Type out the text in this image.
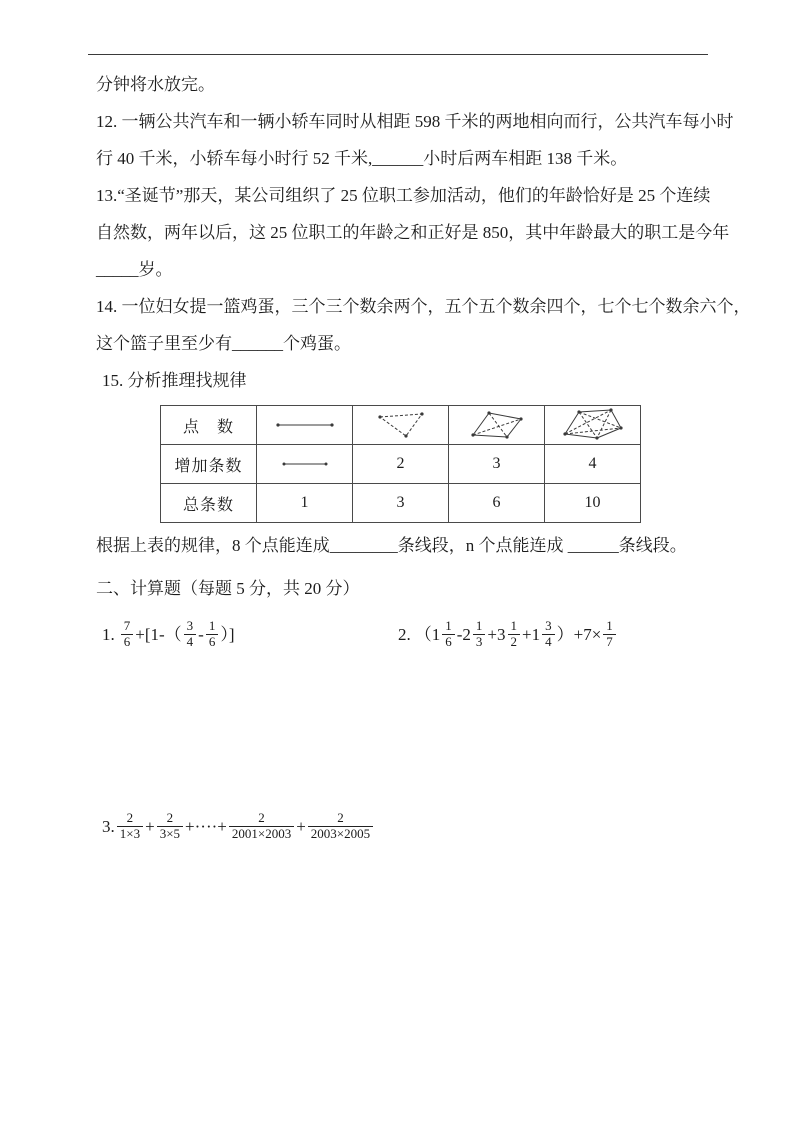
分钟将水放完。
12. 一辆公共汽车和一辆小轿车同时从相距 598 千米的两地相向而行，公共汽车每小时
行 40 千米，小轿车每小时行 52 千米,______小时后两车相距 138 千米。
13.“圣诞节”那天，某公司组织了 25 位职工参加活动，他们的年龄恰好是 25 个连续
自然数，两年以后，这 25 位职工的年龄之和正好是 850，其中年龄最大的职工是今年
_____岁。
14. 一位妇女提一篮鸡蛋，三个三个数余两个，五个五个数余四个，七个七个数余六个，
这个篮子里至少有______个鸡蛋。
15. 分析推理找规律
点　数				
增加条数		2	3	4
总条数	1	3	6	10
根据上表的规律，8 个点能连成________条线段，n 个点能连成 ______条线段。
二、计算题（每题 5 分，共 20 分）
1. $\frac{7}{6} +[1-( \frac{3}{4} - \frac{1}{6}$ ）]	2. $(1 \frac{1}{6} -2 \frac{1}{3} +3 \frac{1}{2} +1 \frac{3}{4} )+7\times \frac{1}{7}$
3. $\frac{2}{1\times 3} + \frac{2}{3\times 5}$ +····+ $\frac{2}{2001\times 2003} + \frac{2}{2003\times 2005}$
